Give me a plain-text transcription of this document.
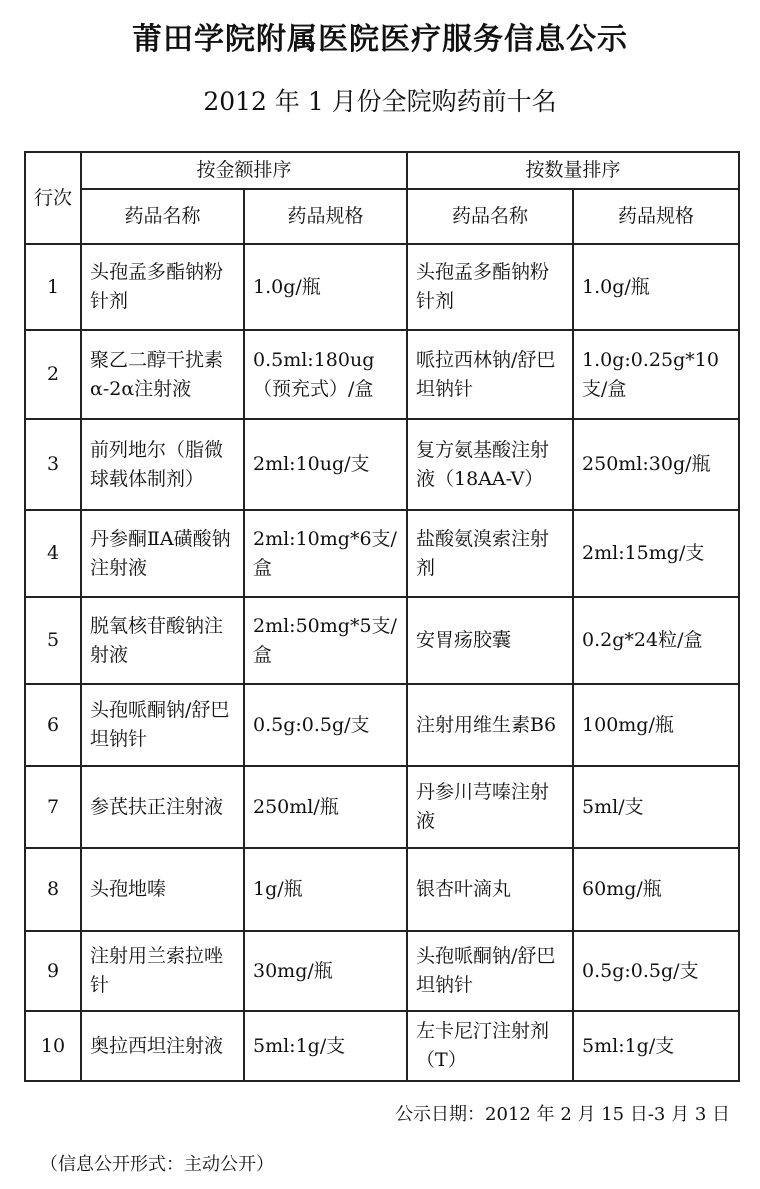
莆田学院附属医院医疗服务信息公示
2012 年 1 月份全院购药前十名
行次	按金额排序		按数量排序	
	药品名称	药品规格	药品名称	药品规格
1	头孢孟多酯钠粉针剂	1.0g/瓶	头孢孟多酯钠粉针剂	1.0g/瓶
2	聚乙二醇干扰素α-2α注射液	0.5ml:180ug（预充式）/盒	哌拉西林钠/舒巴坦钠针	1.0g:0.25g*10支/盒
3	前列地尔（脂微球载体制剂）	2ml:10ug/支	复方氨基酸注射液（18AA-V）	250ml:30g/瓶
4	丹参酮ⅡA磺酸钠注射液	2ml:10mg*6支/盒	盐酸氨溴索注射剂	2ml:15mg/支
5	脱氧核苷酸钠注射液	2ml:50mg*5支/盒	安胃疡胶囊	0.2g*24粒/盒
6	头孢哌酮钠/舒巴坦钠针	0.5g:0.5g/支	注射用维生素B6	100mg/瓶
7	参芪扶正注射液	250ml/瓶	丹参川芎嗪注射液	5ml/支
8	头孢地嗪	1g/瓶	银杏叶滴丸	60mg/瓶
9	注射用兰索拉唑针	30mg/瓶	头孢哌酮钠/舒巴坦钠针	0.5g:0.5g/支
10	奥拉西坦注射液	5ml:1g/支	左卡尼汀注射剂（T）	5ml:1g/支
公示日期：2012 年 2 月 15 日-3 月 3 日
（信息公开形式：主动公开）
